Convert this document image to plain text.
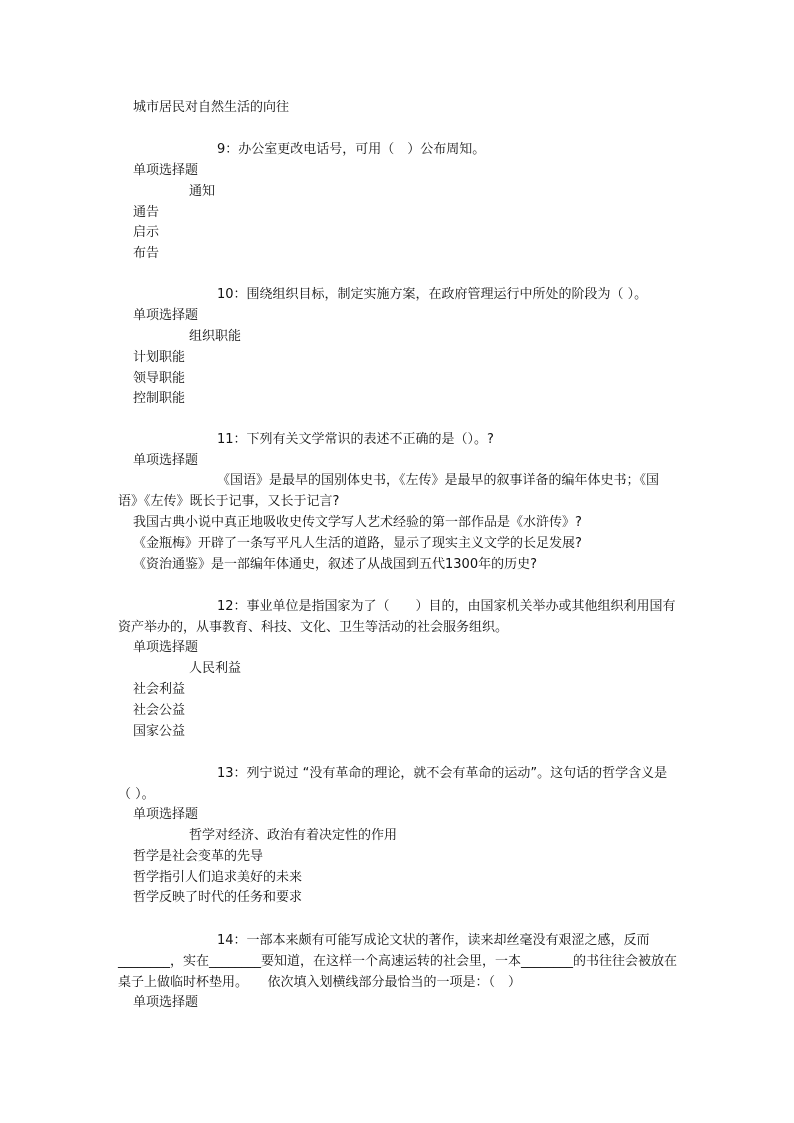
城市居民对自然生活的向往
9：办公室更改电话号，可用（　）公布周知。
单项选择题
通知
通告
启示
布告
10：围绕组织目标，制定实施方案，在政府管理运行中所处的阶段为（ ）。
单项选择题
组织职能
计划职能
领导职能
控制职能
11：下列有关文学常识的表述不正确的是（）。?
单项选择题
《国语》是最早的国别体史书，《左传》是最早的叙事详备的编年体史书；《国语》《左传》既长于记事，又长于记言?
我国古典小说中真正地吸收史传文学写人艺术经验的第一部作品是《水浒传》?
《金瓶梅》开辟了一条写平凡人生活的道路，显示了现实主义文学的长足发展?
《资治通鉴》是一部编年体通史，叙述了从战国到五代1300年的历史?
12：事业单位是指国家为了（　　）目的，由国家机关举办或其他组织利用国有资产举办的，从事教育、科技、文化、卫生等活动的社会服务组织。
单项选择题
人民利益
社会利益
社会公益
国家公益
13：列宁说过 “没有革命的理论，就不会有革命的运动”。这句话的哲学含义是（ ）。
单项选择题
哲学对经济、政治有着决定性的作用
哲学是社会变革的先导
哲学指引人们追求美好的未来
哲学反映了时代的任务和要求
14：一部本来颇有可能写成论文状的著作，读来却丝毫没有艰涩之感，反而________，实在________要知道，在这样一个高速运转的社会里，一本________的书往往会被放在桌子上做临时杯垫用。　　依次填入划横线部分最恰当的一项是：（　）
单项选择题
